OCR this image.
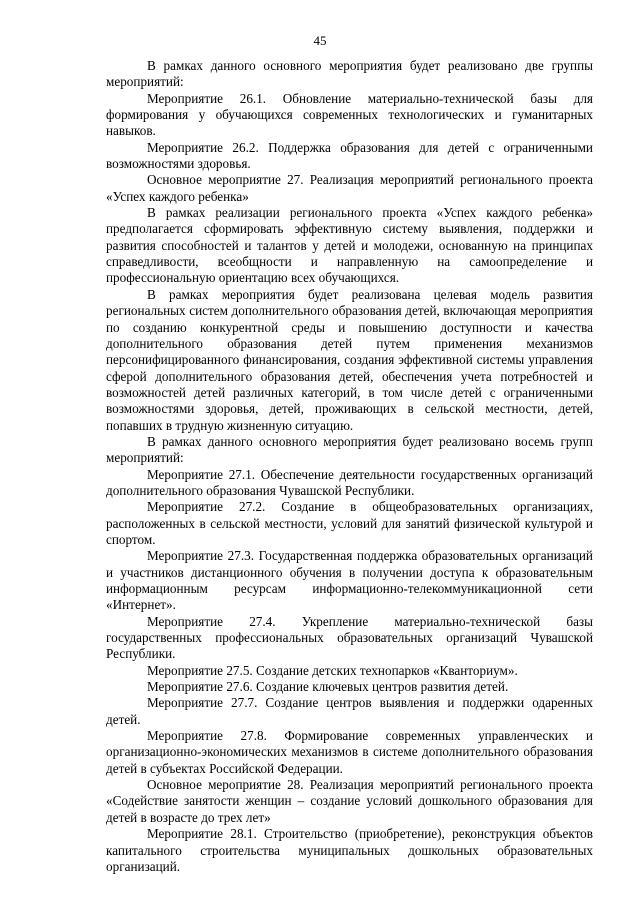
45

В рамках данного основного мероприятия будет реализовано две группы мероприятий:

Мероприятие 26.1. Обновление материально-технической базы для формирования у обучающихся современных технологических и гуманитарных навыков.

Мероприятие 26.2. Поддержка образования для детей с ограниченными возможностями здоровья.

Основное мероприятие 27. Реализация мероприятий регионального проекта «Успех каждого ребенка»

В рамках реализации регионального проекта «Успех каждого ребенка» предполагается сформировать эффективную систему выявления, поддержки и развития способностей и талантов у детей и молодежи, основанную на принципах справедливости, всеобщности и направленную на самоопределение и профессиональную ориентацию всех обучающихся.

В рамках мероприятия будет реализована целевая модель развития региональных систем дополнительного образования детей, включающая мероприятия по созданию конкурентной среды и повышению доступности и качества дополнительного образования детей путем применения механизмов персонифицированного финансирования, создания эффективной системы управления сферой дополнительного образования детей, обеспечения учета потребностей и возможностей детей различных категорий, в том числе детей с ограниченными возможностями здоровья, детей, проживающих в сельской местности, детей, попавших в трудную жизненную ситуацию.

В рамках данного основного мероприятия будет реализовано восемь групп мероприятий:

Мероприятие 27.1. Обеспечение деятельности государственных организаций дополнительного образования Чувашской Республики.

Мероприятие 27.2. Создание в общеобразовательных организациях, расположенных в сельской местности, условий для занятий физической культурой и спортом.

Мероприятие 27.3. Государственная поддержка образовательных организаций и участников дистанционного обучения в получении доступа к образовательным информационным ресурсам информационно-телекоммуникационной сети «Интернет».

Мероприятие 27.4. Укрепление материально-технической базы государственных профессиональных образовательных организаций Чувашской Республики.

Мероприятие 27.5. Создание детских технопарков «Кванториум».

Мероприятие 27.6. Создание ключевых центров развития детей.

Мероприятие 27.7. Создание центров выявления и поддержки одаренных детей.

Мероприятие 27.8. Формирование современных управленческих и организационно-экономических механизмов в системе дополнительного образования детей в субъектах Российской Федерации.

Основное мероприятие 28. Реализация мероприятий регионального проекта «Содействие занятости женщин – создание условий дошкольного образования для детей в возрасте до трех лет»

Мероприятие 28.1. Строительство (приобретение), реконструкция объектов капитального строительства муниципальных дошкольных образовательных организаций.
